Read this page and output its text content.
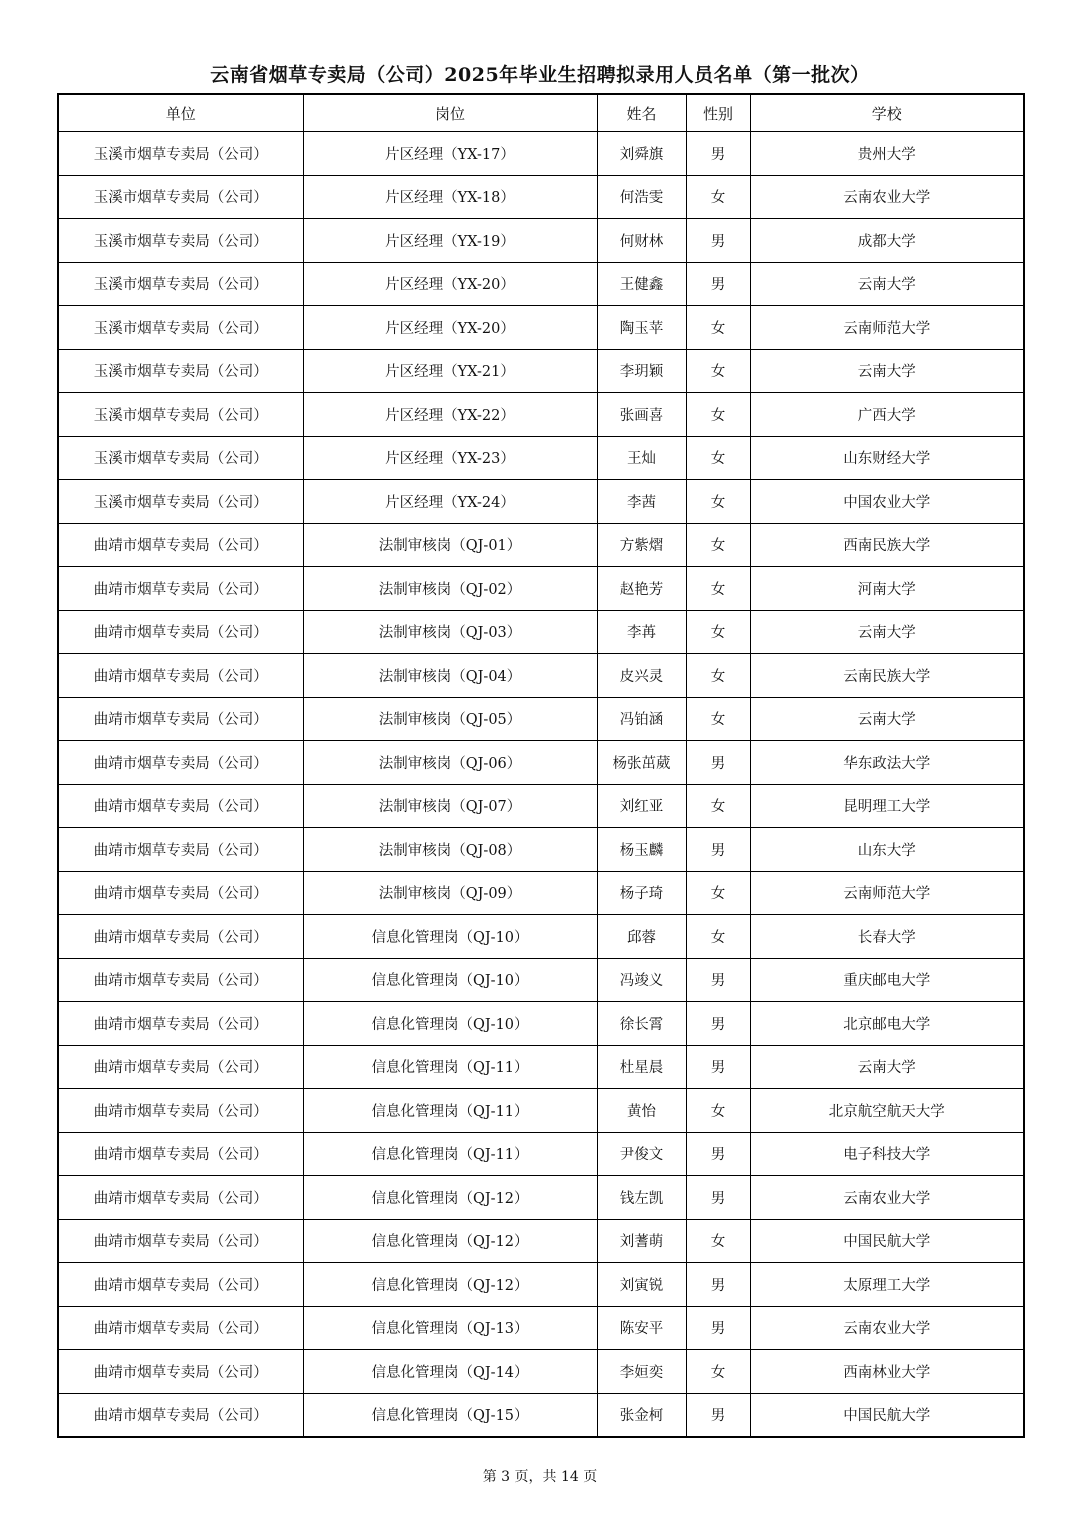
云南省烟草专卖局（公司）2025年毕业生招聘拟录用人员名单（第一批次）
单位	岗位	姓名	性别	学校
玉溪市烟草专卖局（公司）	片区经理（YX-17）	刘舜旗	男	贵州大学
玉溪市烟草专卖局（公司）	片区经理（YX-18）	何浩雯	女	云南农业大学
玉溪市烟草专卖局（公司）	片区经理（YX-19）	何财林	男	成都大学
玉溪市烟草专卖局（公司）	片区经理（YX-20）	王健鑫	男	云南大学
玉溪市烟草专卖局（公司）	片区经理（YX-20）	陶玉苹	女	云南师范大学
玉溪市烟草专卖局（公司）	片区经理（YX-21）	李玥颖	女	云南大学
玉溪市烟草专卖局（公司）	片区经理（YX-22）	张画喜	女	广西大学
玉溪市烟草专卖局（公司）	片区经理（YX-23）	王灿	女	山东财经大学
玉溪市烟草专卖局（公司）	片区经理（YX-24）	李茜	女	中国农业大学
曲靖市烟草专卖局（公司）	法制审核岗（QJ-01）	方紫熠	女	西南民族大学
曲靖市烟草专卖局（公司）	法制审核岗（QJ-02）	赵艳芳	女	河南大学
曲靖市烟草专卖局（公司）	法制审核岗（QJ-03）	李苒	女	云南大学
曲靖市烟草专卖局（公司）	法制审核岗（QJ-04）	皮兴灵	女	云南民族大学
曲靖市烟草专卖局（公司）	法制审核岗（QJ-05）	冯铂涵	女	云南大学
曲靖市烟草专卖局（公司）	法制审核岗（QJ-06）	杨张茁葳	男	华东政法大学
曲靖市烟草专卖局（公司）	法制审核岗（QJ-07）	刘红亚	女	昆明理工大学
曲靖市烟草专卖局（公司）	法制审核岗（QJ-08）	杨玉麟	男	山东大学
曲靖市烟草专卖局（公司）	法制审核岗（QJ-09）	杨子琦	女	云南师范大学
曲靖市烟草专卖局（公司）	信息化管理岗（QJ-10）	邱蓉	女	长春大学
曲靖市烟草专卖局（公司）	信息化管理岗（QJ-10）	冯竣义	男	重庆邮电大学
曲靖市烟草专卖局（公司）	信息化管理岗（QJ-10）	徐长霄	男	北京邮电大学
曲靖市烟草专卖局（公司）	信息化管理岗（QJ-11）	杜星晨	男	云南大学
曲靖市烟草专卖局（公司）	信息化管理岗（QJ-11）	黄怡	女	北京航空航天大学
曲靖市烟草专卖局（公司）	信息化管理岗（QJ-11）	尹俊文	男	电子科技大学
曲靖市烟草专卖局（公司）	信息化管理岗（QJ-12）	钱左凯	男	云南农业大学
曲靖市烟草专卖局（公司）	信息化管理岗（QJ-12）	刘蓍萌	女	中国民航大学
曲靖市烟草专卖局（公司）	信息化管理岗（QJ-12）	刘寅锐	男	太原理工大学
曲靖市烟草专卖局（公司）	信息化管理岗（QJ-13）	陈安平	男	云南农业大学
曲靖市烟草专卖局（公司）	信息化管理岗（QJ-14）	李姮奕	女	西南林业大学
曲靖市烟草专卖局（公司）	信息化管理岗（QJ-15）	张金柯	男	中国民航大学
第 3 页，共 14 页
